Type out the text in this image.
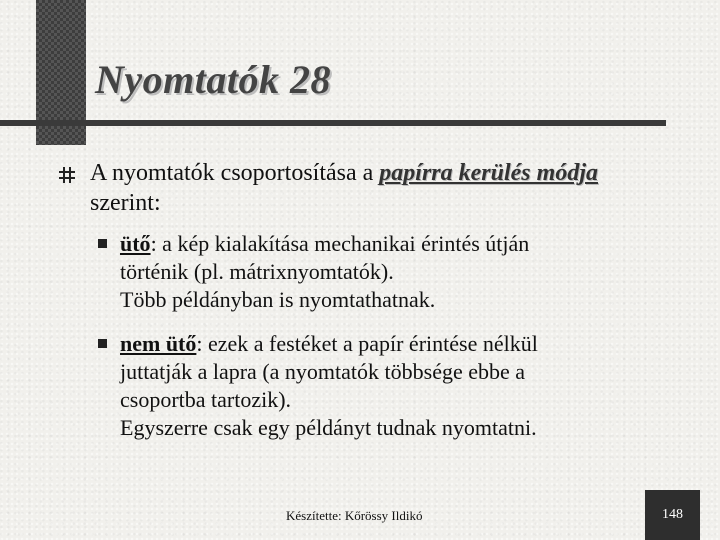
Nyomtatók 28

A nyomtatók csoportosítása a papírra kerülés módja szerint:

ütő: a kép kialakítása mechanikai érintés útján
történik (pl. mátrixnyomtatók).
Több példányban is nyomtathatnak.

nem ütő: ezek a festéket a papír érintése nélkül
juttatják a lapra (a nyomtatók többsége ebbe a
csoportba tartozik).
Egyszerre csak egy példányt tudnak nyomtatni.

Készítette: Kőrössy Ildikó	148
